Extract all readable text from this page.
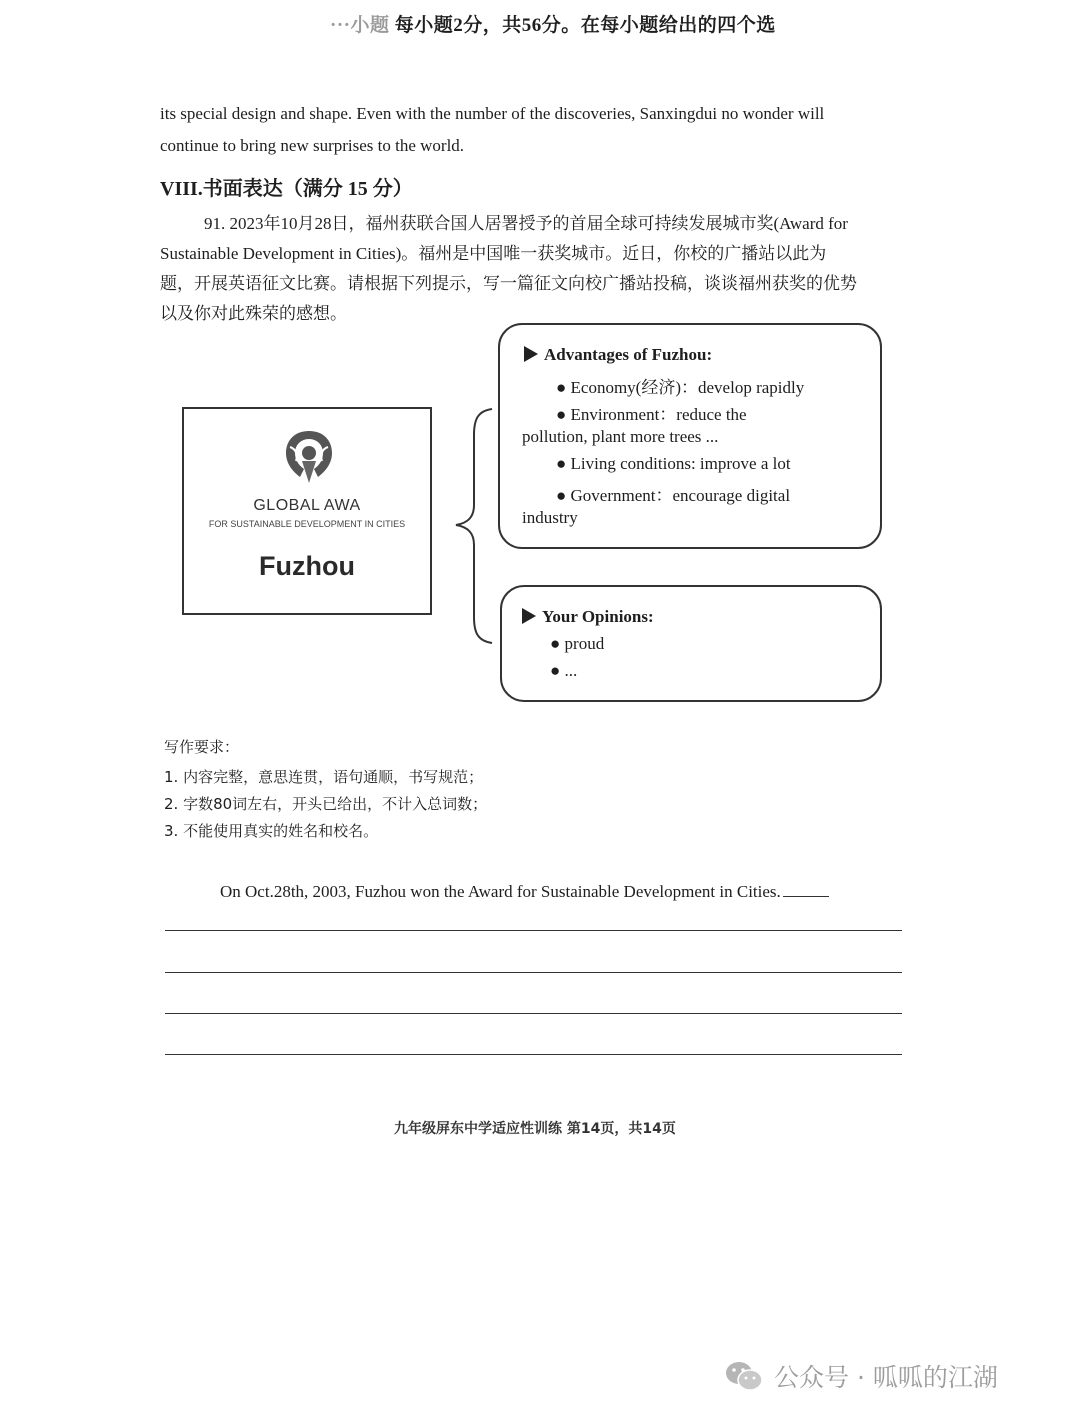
···小题 每小题2分，共56分。在每小题给出的四个选
its special design and shape. Even with the number of the discoveries, Sanxingdui no wonder will
continue to bring new surprises to the world.
VIII.书面表达（满分 15 分）
91. 2023年10月28日，福州获联合国人居署授予的首届全球可持续发展城市奖(Award for
Sustainable Development in Cities)。福州是中国唯一获奖城市。近日，你校的广播站以此为
题，开展英语征文比赛。请根据下列提示，写一篇征文向校广播站投稿，谈谈福州获奖的优势
以及你对此殊荣的感想。
GLOBAL AWA
FOR SUSTAINABLE DEVELOPMENT IN CITIES
Fuzhou
Advantages of Fuzhou:
● Economy(经济)：develop rapidly
● Environment：reduce the
pollution, plant more trees ...
● Living conditions: improve a lot
● Government：encourage digital
industry
Your Opinions:
● proud
● ...
写作要求：
1. 内容完整，意思连贯，语句通顺，书写规范；
2. 字数80词左右，开头已给出，不计入总词数；
3. 不能使用真实的姓名和校名。
On Oct.28th, 2003, Fuzhou won the Award for Sustainable Development in Cities.
九年级屏东中学适应性训练 第14页，共14页
公众号 · 呱呱的江湖
